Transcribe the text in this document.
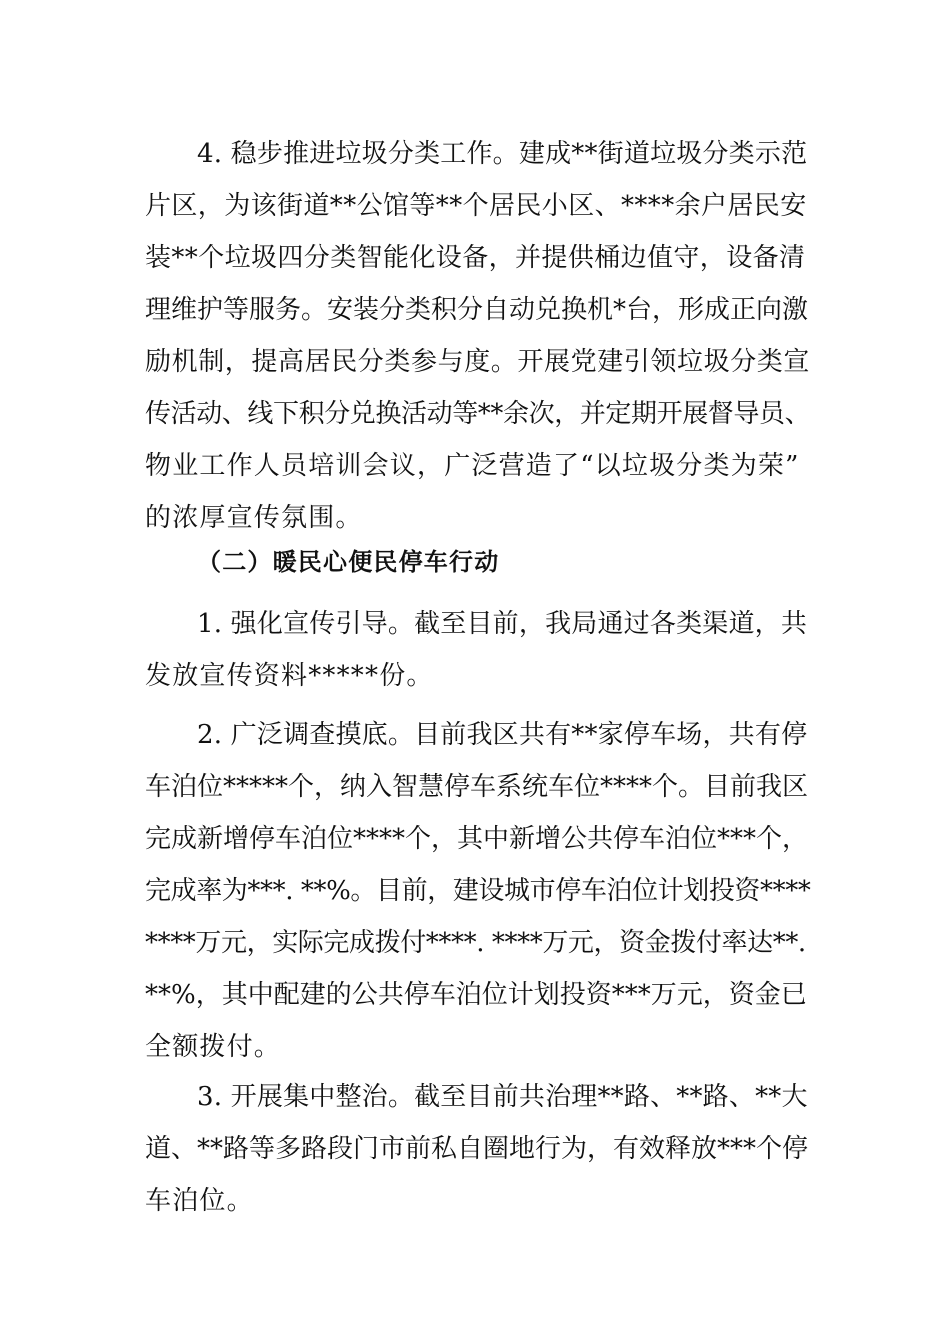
4. 稳步推进垃圾分类工作。建成**街道垃圾分类示范
片区，为该街道**公馆等**个居民小区、****余户居民安
装**个垃圾四分类智能化设备，并提供桶边值守，设备清
理维护等服务。安装分类积分自动兑换机*台，形成正向激
励机制，提高居民分类参与度。开展党建引领垃圾分类宣
传活动、线下积分兑换活动等**余次，并定期开展督导员、
物业工作人员培训会议，广泛营造了“以垃圾分类为荣”
的浓厚宣传氛围。
（二）暖民心便民停车行动
1. 强化宣传引导。截至目前，我局通过各类渠道，共
发放宣传资料*****份。
2. 广泛调查摸底。目前我区共有**家停车场，共有停
车泊位*****个，纳入智慧停车系统车位****个。目前我区
完成新增停车泊位****个，其中新增公共停车泊位***个，
完成率为***. **%。目前，建设城市停车泊位计划投资****
****万元，实际完成拨付****. ****万元，资金拨付率达**.
**%，其中配建的公共停车泊位计划投资***万元，资金已
全额拨付。
3. 开展集中整治。截至目前共治理**路、**路、**大
道、**路等多路段门市前私自圈地行为，有效释放***个停
车泊位。
